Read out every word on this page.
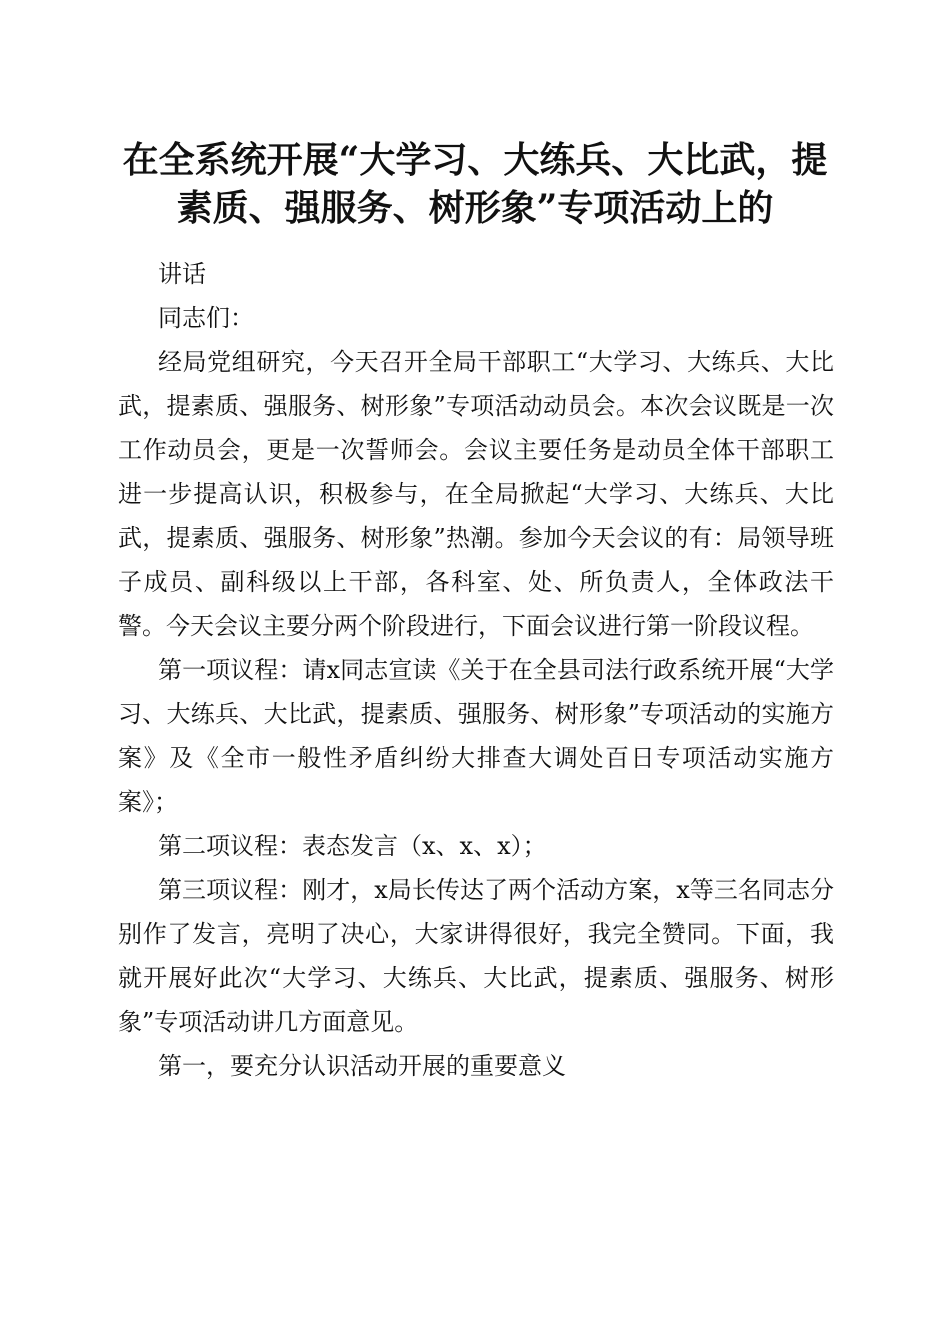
在全系统开展“大学习、大练兵、大比武，提
素质、强服务、树形象”专项活动上的

讲话

同志们：

经局党组研究，今天召开全局干部职工“大学习、大练兵、大比武，提素质、强服务、树形象”专项活动动员会。本次会议既是一次工作动员会，更是一次誓师会。会议主要任务是动员全体干部职工进一步提高认识，积极参与，在全局掀起“大学习、大练兵、大比武，提素质、强服务、树形象”热潮。参加今天会议的有：局领导班子成员、副科级以上干部，各科室、处、所负责人，全体政法干警。今天会议主要分两个阶段进行，下面会议进行第一阶段议程。

第一项议程：请x同志宣读《关于在全县司法行政系统开展“大学习、大练兵、大比武，提素质、强服务、树形象”专项活动的实施方案》及《全市一般性矛盾纠纷大排查大调处百日专项活动实施方案》；

第二项议程：表态发言（x、x、x）；

第三项议程：刚才，x局长传达了两个活动方案，x等三名同志分别作了发言，亮明了决心，大家讲得很好，我完全赞同。下面，我就开展好此次“大学习、大练兵、大比武，提素质、强服务、树形象”专项活动讲几方面意见。

第一，要充分认识活动开展的重要意义
